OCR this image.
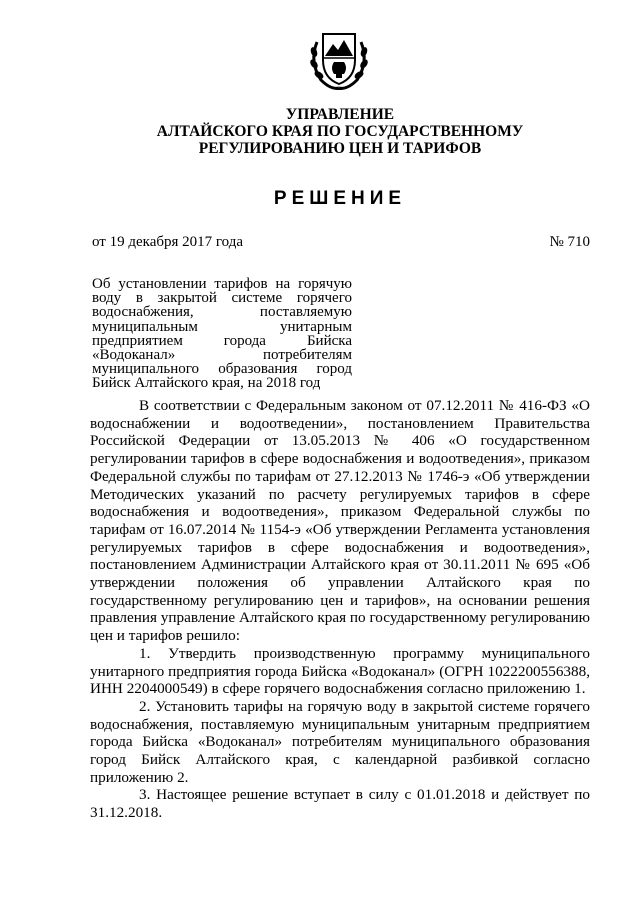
УПРАВЛЕНИЕ
АЛТАЙСКОГО КРАЯ ПО ГОСУДАРСТВЕННОМУ
РЕГУЛИРОВАНИЮ ЦЕН И ТАРИФОВ
РЕШЕНИЕ
от 19 декабря 2017 года	№ 710
Об установлении тарифов на горячую воду в закрытой системе горячего водоснабжения, поставляемую муниципальным унитарным предприятием города Бийска «Водоканал» потребителям муниципального образования город Бийск Алтайского края, на 2018 год

В соответствии с Федеральным законом от 07.12.2011 № 416-ФЗ «О водоснабжении и водоотведении», постановлением Правительства Российской Федерации от 13.05.2013 № 406 «О государственном регулировании тарифов в сфере водоснабжения и водоотведения», приказом Федеральной службы по тарифам от 27.12.2013 № 1746-э «Об утверждении Методических указаний по расчету регулируемых тарифов в сфере водоснабжения и водоотведения», приказом Федеральной службы по тарифам от 16.07.2014 № 1154-э «Об утверждении Регламента установления регулируемых тарифов в сфере водоснабжения и водоотведения», постановлением Администрации Алтайского края от 30.11.2011 № 695 «Об утверждении положения об управлении Алтайского края по государственному регулированию цен и тарифов», на основании решения правления управление Алтайского края по государственному регулированию цен и тарифов решило:

1. Утвердить производственную программу муниципального унитарного предприятия города Бийска «Водоканал» (ОГРН 1022200556388, ИНН 2204000549) в сфере горячего водоснабжения согласно приложению 1.

2. Установить тарифы на горячую воду в закрытой системе горячего водоснабжения, поставляемую муниципальным унитарным предприятием города Бийска «Водоканал» потребителям муниципального образования город Бийск Алтайского края, с календарной разбивкой согласно приложению 2.

3. Настоящее решение вступает в силу с 01.01.2018 и действует по 31.12.2018.
